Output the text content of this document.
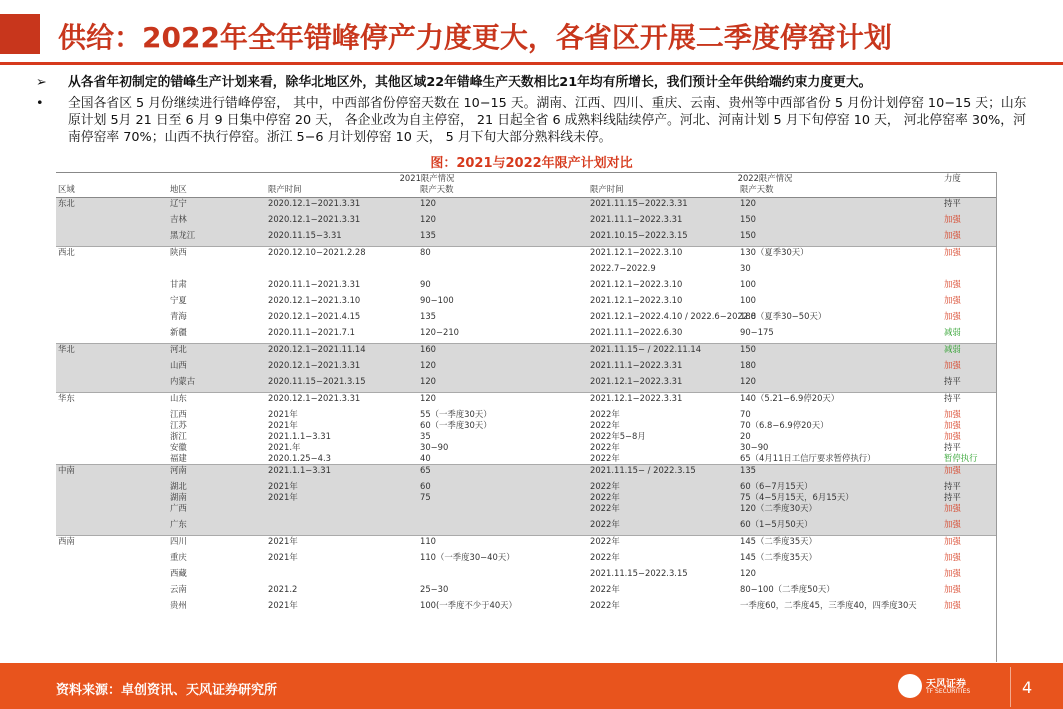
供给：2022年全年错峰停产力度更大，各省区开展二季度停窑计划
➢ 从各省年初制定的错峰生产计划来看，除华北地区外，其他区域22年错峰生产天数相比21年均有所增长，我们预计全年供给端约束力度更大。
• 全国各省区 5 月份继续进行错峰停窑， 其中，中西部省份停窑天数在 10−15 天。湖南、江西、四川、重庆、云南、贵州等中西部省份 5 月份计划停窑 10−15 天；山东原计划 5月 21 日至 6 月 9 日集中停窑 20 天， 各企业改为自主停窑， 21 日起全省 6 成熟料线陆续停产。河北、河南计划 5 月下旬停窑 10 天， 河北停窑率 30%，河南停窑率 70%；山西不执行停窑。浙江 5−6 月计划停窑 10 天， 5 月下旬大部分熟料线未停。
图：2021与2022年限产计划对比
		2021限产情况		2022限产情况		力度
区域	地区	限产时间	限产天数	限产时间	限产天数	
东北	辽宁	2020.12.1−2021.3.31	120	2021.11.15−2022.3.31	120	持平
	吉林	2020.12.1−2021.3.31	120	2021.11.1−2022.3.31	150	加强
	黑龙江	2020.11.15−3.31	135	2021.10.15−2022.3.15	150	加强
西北	陕西	2020.12.10−2021.2.28	80	2021.12.1−2022.3.10	130（夏季30天）	加强
				2022.7−2022.9	30	
	甘肃	2020.11.1−2021.3.31	90	2021.12.1−2022.3.10	100	加强
	宁夏	2020.12.1−2021.3.10	90−100	2021.12.1−2022.3.10	100	加强
	青海	2020.12.1−2021.4.15	135	2021.12.1−2022.4.10 / 2022.6−2022.8	180（夏季30−50天）	加强
	新疆	2020.11.1−2021.7.1	120−210	2021.11.1−2022.6.30	90−175	减弱
华北	河北	2020.12.1−2021.11.14	160	2021.11.15− / 2022.11.14	150	减弱
	山西	2020.12.1−2021.3.31	120	2021.11.1−2022.3.31	180	加强
	内蒙古	2020.11.15−2021.3.15	120	2021.12.1−2022.3.31	120	持平
华东	山东	2020.12.1−2021.3.31	120	2021.12.1−2022.3.31	140（5.21−6.9停20天）	持平
	江西	2021年	55（一季度30天）	2022年	70	加强
	江苏	2021年	60（一季度30天）	2022年	70（6.8−6.9停20天）	加强
	浙江	2021.1.1−3.31	35	2022年5−8月	20	加强
	安徽	2021.年	30−90	2022年	30−90	持平
	福建	2020.1.25−4.3	40	2022年	65（4月11日工信厅要求暂停执行）	暂停执行
中南	河南	2021.1.1−3.31	65	2021.11.15− / 2022.3.15	135	加强
	湖北	2021年	60	2022年	60（6−7月15天）	持平
	湖南	2021年	75	2022年	75（4−5月15天，6月15天）	持平
	广西			2022年	120（二季度30天）	加强
	广东			2022年	60（1−5月50天）	加强
西南	四川	2021年	110	2022年	145（二季度35天）	加强
	重庆	2021年	110（一季度30−40天）	2022年	145（二季度35天）	加强
	西藏			2021.11.15−2022.3.15	120	加强
	云南	2021.2	25−30	2022年	80−100（二季度50天）	加强
	贵州	2021年	100(一季度不少于40天）	2022年	一季度60，二季度45，三季度40，四季度30天	加强
资料来源：卓创资讯、天风证券研究所	天风证券
TF SECURITIES	4
